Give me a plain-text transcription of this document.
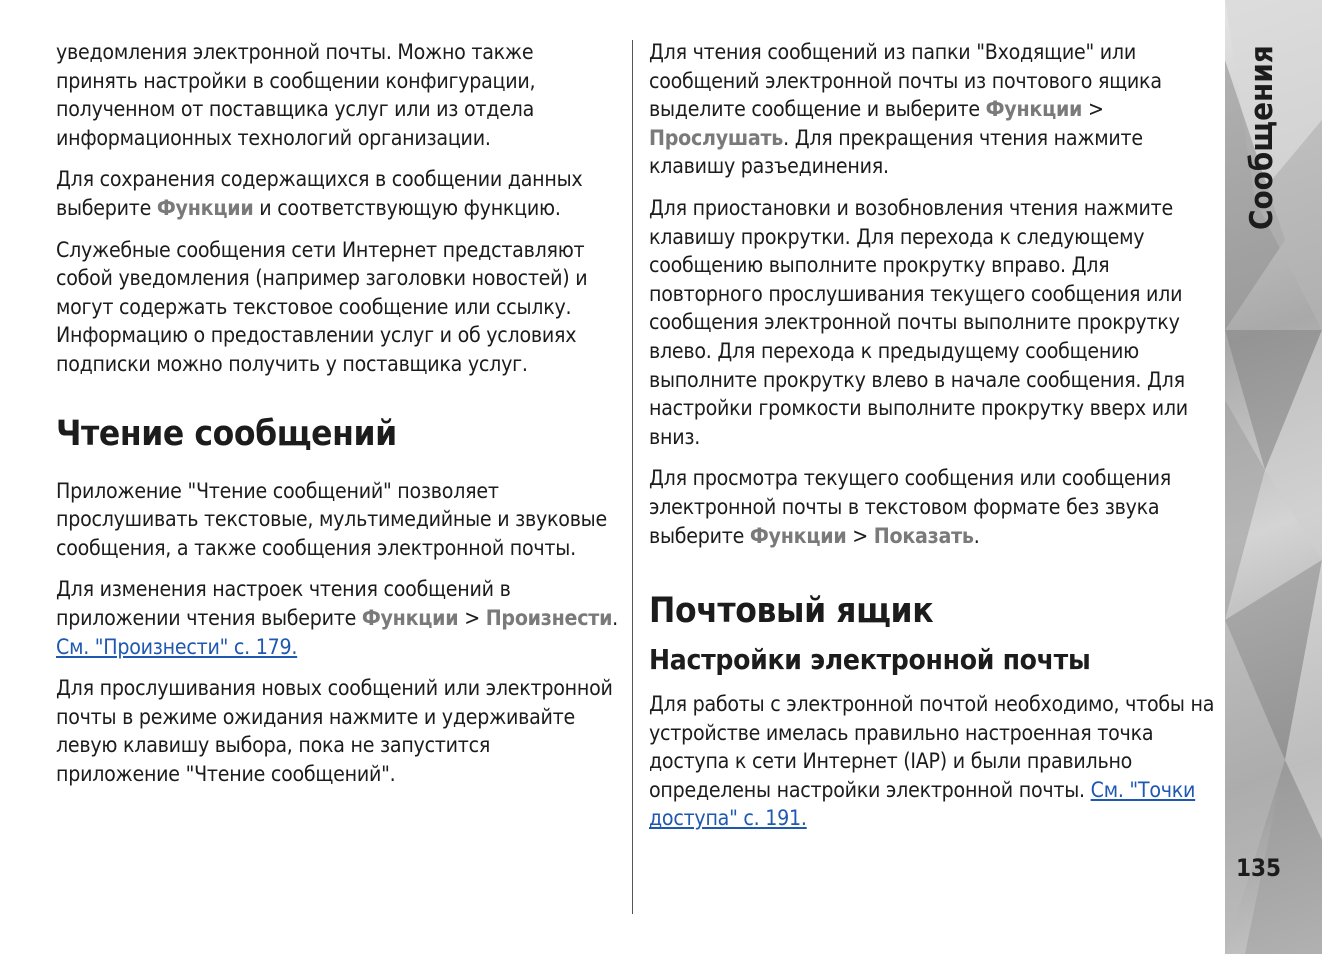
уведомления электронной почты. Можно также принять настройки в сообщении конфигурации, полученном от поставщика услуг или из отдела информационных технологий организации.

Для сохранения содержащихся в сообщении данных выберите Функции и соответствующую функцию.

Служебные сообщения сети Интернет представляют собой уведомления (например заголовки новостей) и могут содержать текстовое сообщение или ссылку. Информацию о предоставлении услуг и об условиях подписки можно получить у поставщика услуг.

Чтение сообщений

Приложение "Чтение сообщений" позволяет прослушивать текстовые, мультимедийные и звуковые сообщения, а также сообщения электронной почты.

Для изменения настроек чтения сообщений в приложении чтения выберите Функции > Произнести. См. "Произнести" с. 179.

Для прослушивания новых сообщений или электронной почты в режиме ожидания нажмите и удерживайте левую клавишу выбора, пока не запустится приложение "Чтение сообщений".

Для чтения сообщений из папки "Входящие" или сообщений электронной почты из почтового ящика выделите сообщение и выберите Функции > Прослушать. Для прекращения чтения нажмите клавишу разъединения.

Для приостановки и возобновления чтения нажмите клавишу прокрутки. Для перехода к следующему сообщению выполните прокрутку вправо. Для повторного прослушивания текущего сообщения или сообщения электронной почты выполните прокрутку влево. Для перехода к предыдущему сообщению выполните прокрутку влево в начале сообщения. Для настройки громкости выполните прокрутку вверх или вниз.

Для просмотра текущего сообщения или сообщения электронной почты в текстовом формате без звука выберите Функции > Показать.

Почтовый ящик
Настройки электронной почты

Для работы с электронной почтой необходимо, чтобы на устройстве имелась правильно настроенная точка доступа к сети Интернет (IAP) и были правильно определены настройки электронной почты. См. "Точки доступа" с. 191.

Сообщения
135
